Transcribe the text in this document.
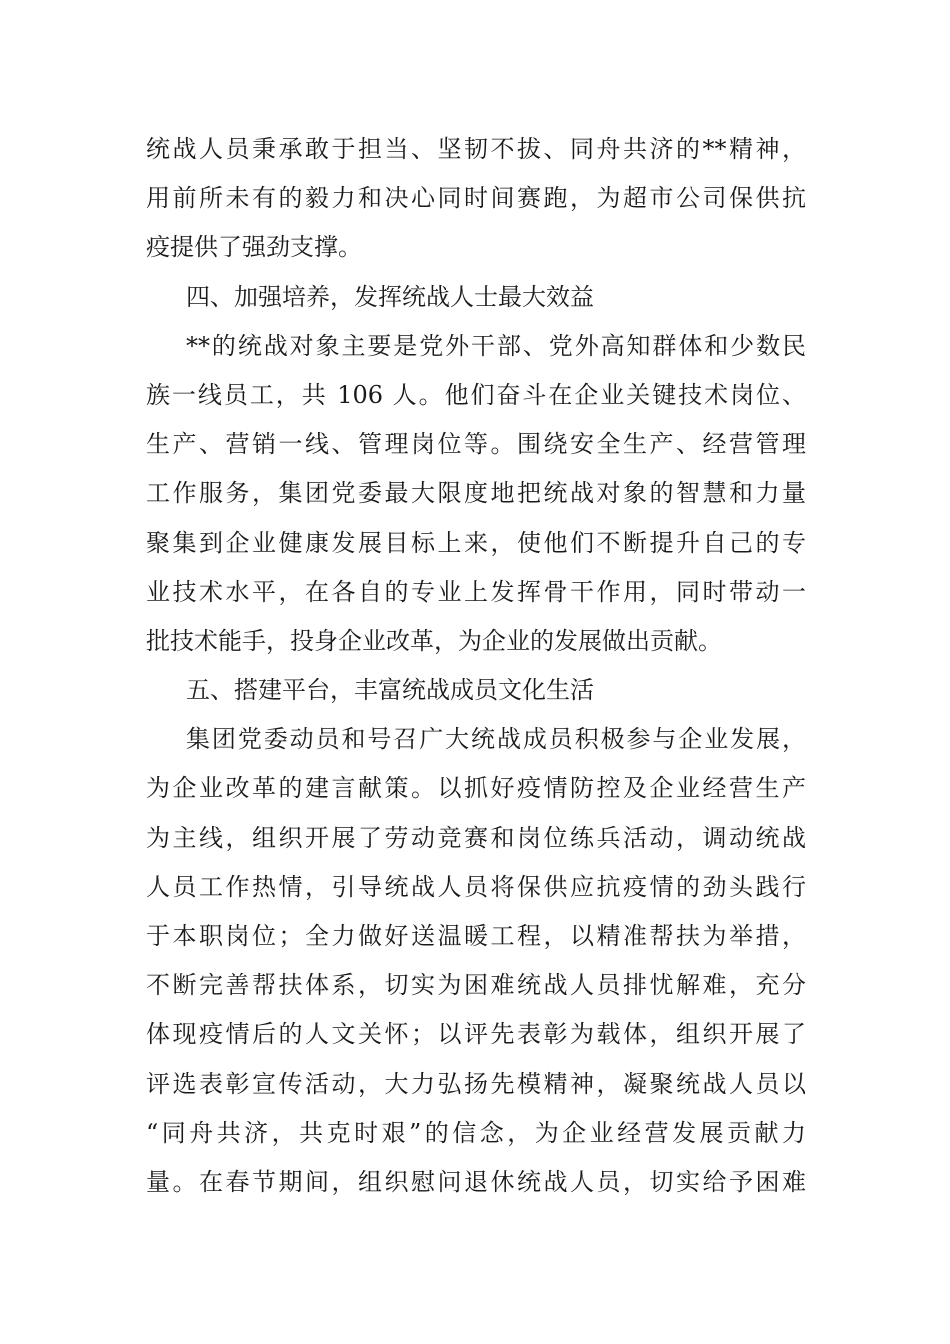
统战人员秉承敢于担当、坚韧不拔、同舟共济的**精神，
用前所未有的毅力和决心同时间赛跑，为超市公司保供抗
疫提供了强劲支撑。
四、加强培养，发挥统战人士最大效益
**的统战对象主要是党外干部、党外高知群体和少数民
族一线员工，共 106 人。他们奋斗在企业关键技术岗位、
生产、营销一线、管理岗位等。围绕安全生产、经营管理
工作服务，集团党委最大限度地把统战对象的智慧和力量
聚集到企业健康发展目标上来，使他们不断提升自己的专
业技术水平，在各自的专业上发挥骨干作用，同时带动一
批技术能手，投身企业改革，为企业的发展做出贡献。
五、搭建平台，丰富统战成员文化生活
集团党委动员和号召广大统战成员积极参与企业发展，
为企业改革的建言献策。以抓好疫情防控及企业经营生产
为主线，组织开展了劳动竞赛和岗位练兵活动，调动统战
人员工作热情，引导统战人员将保供应抗疫情的劲头践行
于本职岗位；全力做好送温暖工程，以精准帮扶为举措，
不断完善帮扶体系，切实为困难统战人员排忧解难，充分
体现疫情后的人文关怀；以评先表彰为载体，组织开展了
评选表彰宣传活动，大力弘扬先模精神，凝聚统战人员以
“同舟共济，共克时艰”的信念，为企业经营发展贡献力
量。在春节期间，组织慰问退休统战人员，切实给予困难
